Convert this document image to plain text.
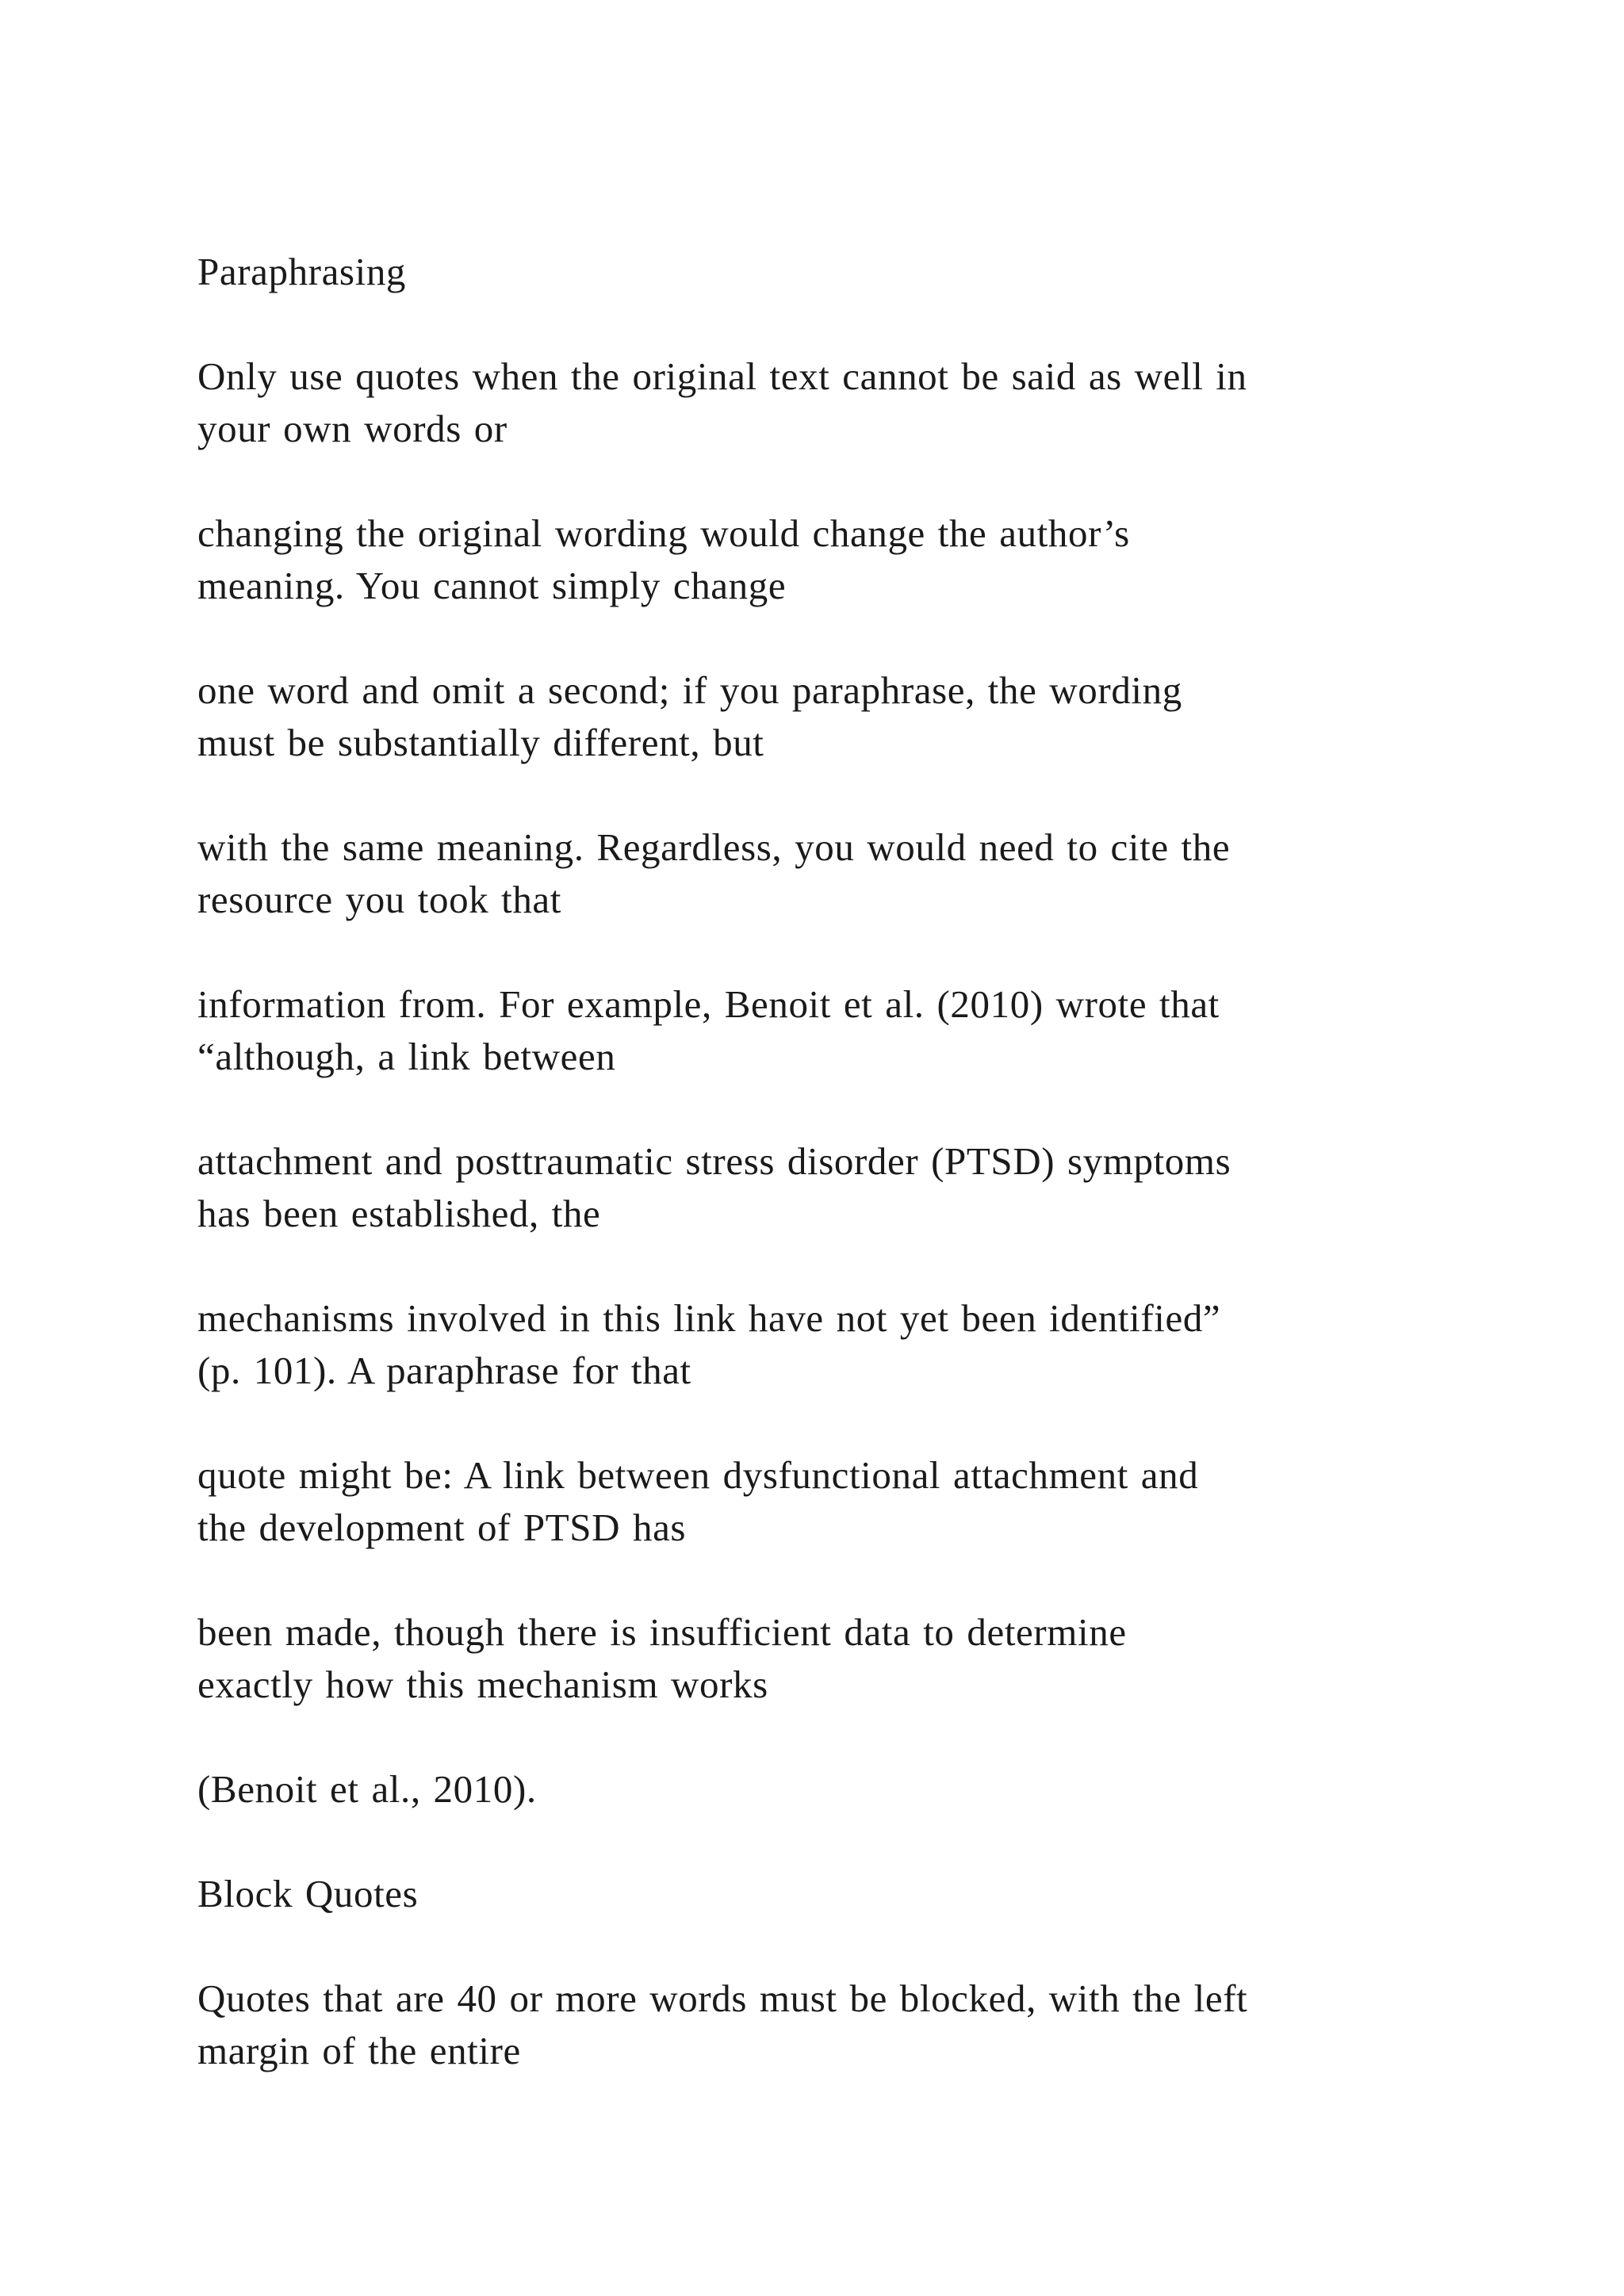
Paraphrasing

Only use quotes when the original text cannot be said as well in
your own words or

changing the original wording would change the author’s
meaning. You cannot simply change

one word and omit a second; if you paraphrase, the wording
must be substantially different, but

with the same meaning. Regardless, you would need to cite the
resource you took that

information from. For example, Benoit et al. (2010) wrote that
“although, a link between

attachment and posttraumatic stress disorder (PTSD) symptoms
has been established, the

mechanisms involved in this link have not yet been identified”
(p. 101). A paraphrase for that

quote might be: A link between dysfunctional attachment and
the development of PTSD has

been made, though there is insufficient data to determine
exactly how this mechanism works

(Benoit et al., 2010).

Block Quotes

Quotes that are 40 or more words must be blocked, with the left
margin of the entire
